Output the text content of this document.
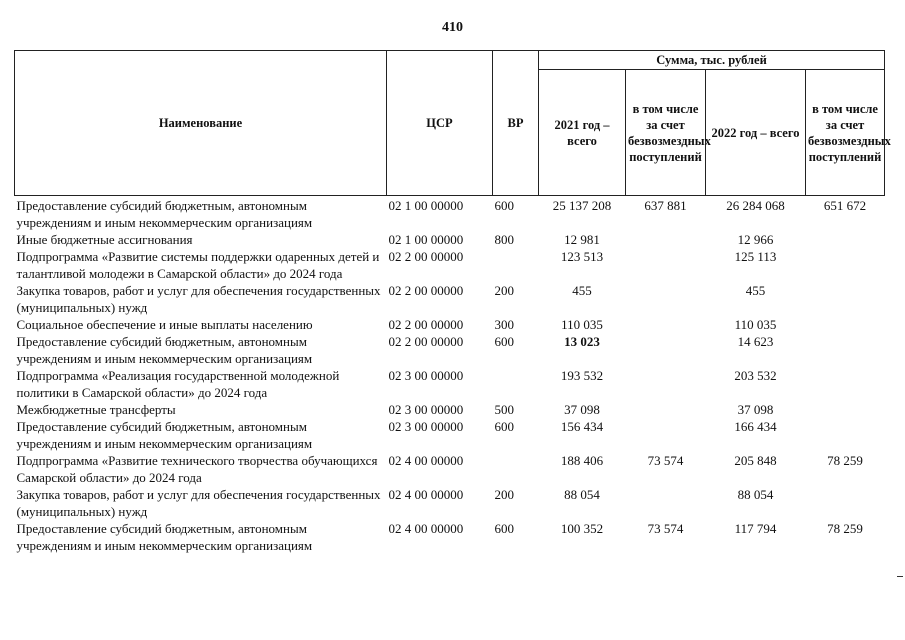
410
Наименование	ЦСР	ВР	Сумма, тыс. рублей			
			2021 год – всего	в том числе за счет безвозмездных поступлений	2022 год – всего	в том числе за счет безвозмездных поступлений
Предоставление субсидий бюджетным, автономным учреждениям и иным некоммерческим организациям	02 1 00 00000	600	25 137 208	637 881	26 284 068	651 672
Иные бюджетные ассигнования	02 1 00 00000	800	12 981		12 966	
Подпрограмма «Развитие системы поддержки одаренных детей и талантливой молодежи в Самарской области» до 2024 года	02 2 00 00000		123 513		125 113	
Закупка товаров, работ и услуг для обеспечения государственных (муниципальных) нужд	02 2 00 00000	200	455		455	
Социальное обеспечение и иные выплаты населению	02 2 00 00000	300	110 035		110 035	
Предоставление субсидий бюджетным, автономным учреждениям и иным некоммерческим организациям	02 2 00 00000	600	13 023		14 623	
Подпрограмма «Реализация государственной молодежной политики в Самарской области» до 2024 года	02 3 00 00000		193 532		203 532	
Межбюджетные трансферты	02 3 00 00000	500	37 098		37 098	
Предоставление субсидий бюджетным, автономным учреждениям и иным некоммерческим организациям	02 3 00 00000	600	156 434		166 434	
Подпрограмма «Развитие технического творчества обучающихся Самарской области» до 2024 года	02 4 00 00000		188 406	73 574	205 848	78 259
Закупка товаров, работ и услуг для обеспечения государственных (муниципальных) нужд	02 4 00 00000	200	88 054		88 054	
Предоставление субсидий бюджетным, автономным учреждениям и иным некоммерческим организациям	02 4 00 00000	600	100 352	73 574	117 794	78 259
